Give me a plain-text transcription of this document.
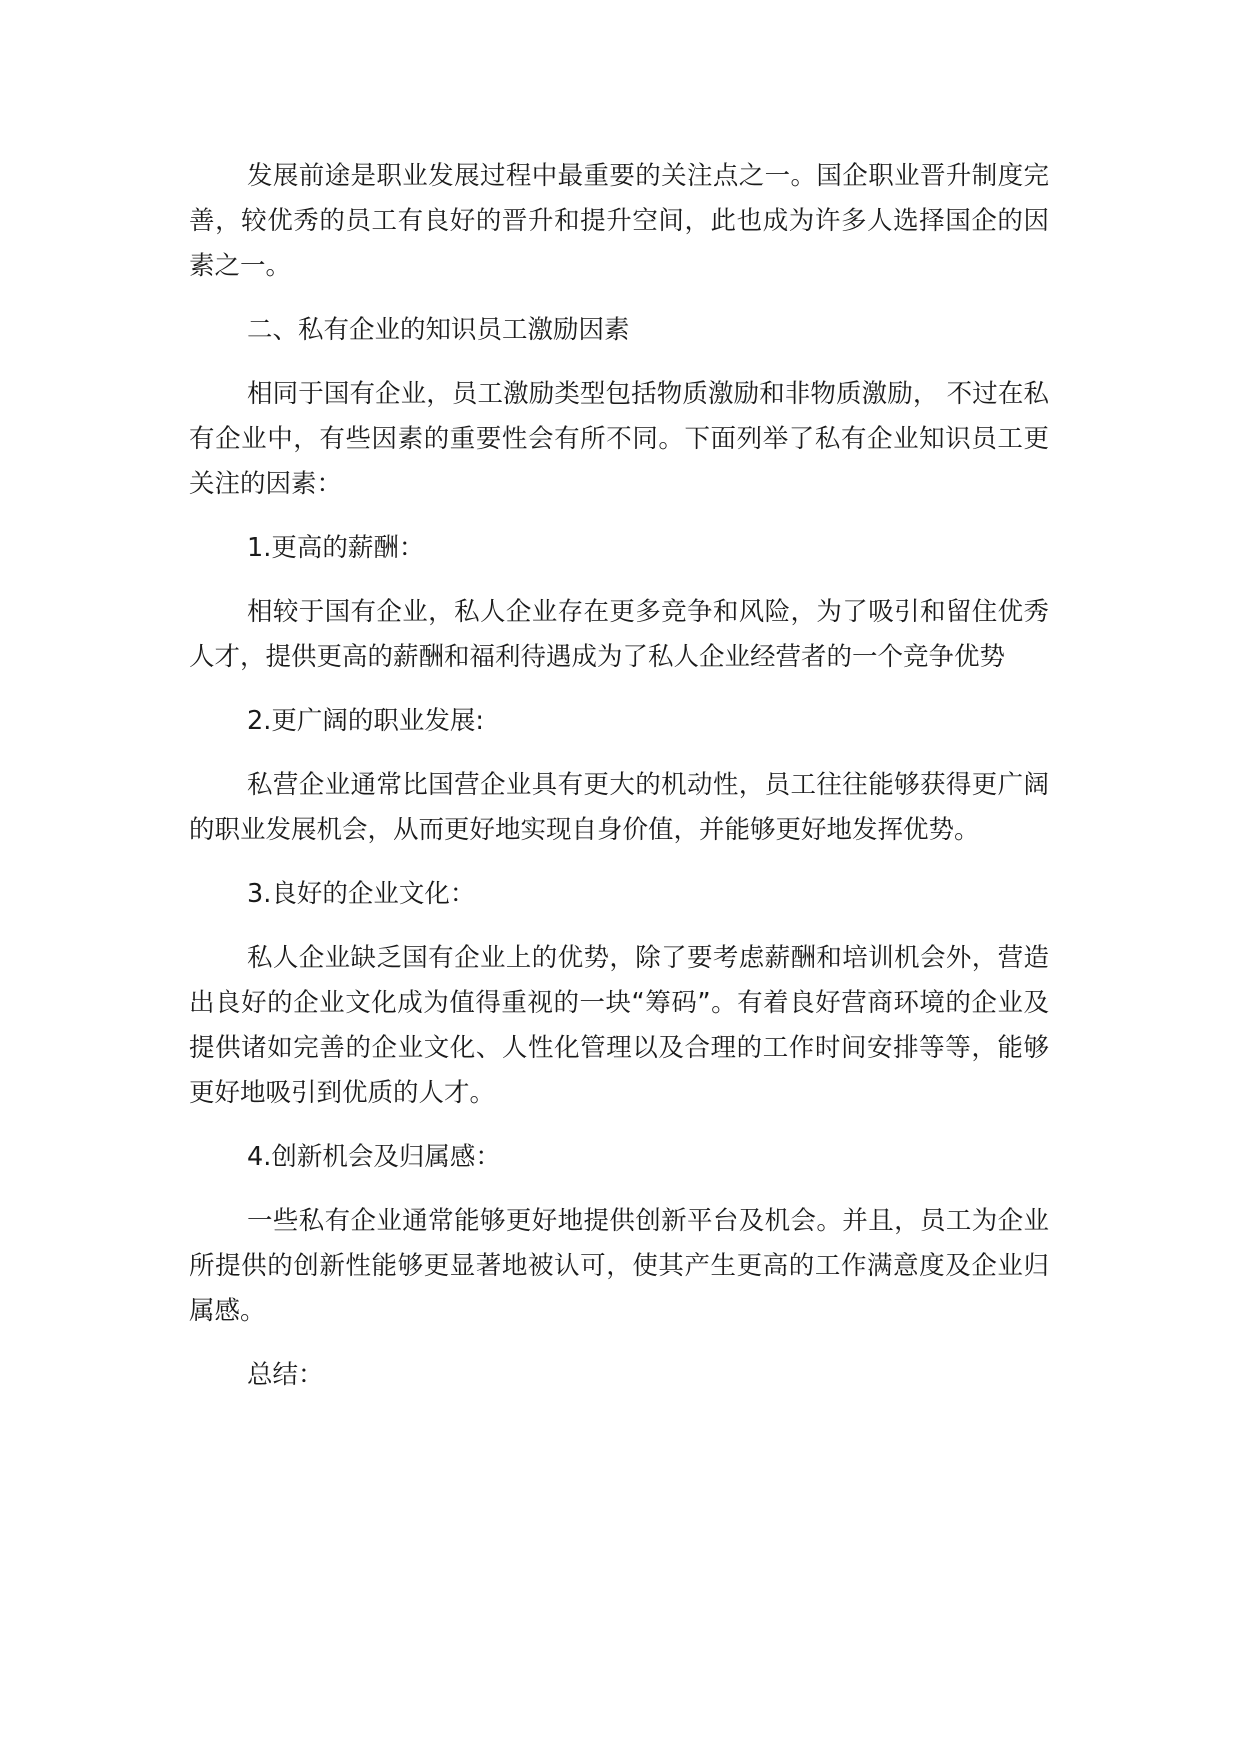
发展前途是职业发展过程中最重要的关注点之一。国企职业晋升制度完善，较优秀的员工有良好的晋升和提升空间，此也成为许多人选择国企的因素之一。

二、私有企业的知识员工激励因素

相同于国有企业，员工激励类型包括物质激励和非物质激励， 不过在私有企业中，有些因素的重要性会有所不同。下面列举了私有企业知识员工更关注的因素：

1.更高的薪酬：

相较于国有企业，私人企业存在更多竞争和风险，为了吸引和留住优秀人才，提供更高的薪酬和福利待遇成为了私人企业经营者的一个竞争优势

2.更广阔的职业发展:

私营企业通常比国营企业具有更大的机动性，员工往往能够获得更广阔的职业发展机会，从而更好地实现自身价值，并能够更好地发挥优势。

3.良好的企业文化：

私人企业缺乏国有企业上的优势，除了要考虑薪酬和培训机会外，营造出良好的企业文化成为值得重视的一块“筹码”。有着良好营商环境的企业及提供诸如完善的企业文化、人性化管理以及合理的工作时间安排等等，能够更好地吸引到优质的人才。

4.创新机会及归属感：

一些私有企业通常能够更好地提供创新平台及机会。并且，员工为企业所提供的创新性能够更显著地被认可，使其产生更高的工作满意度及企业归属感。

总结：
